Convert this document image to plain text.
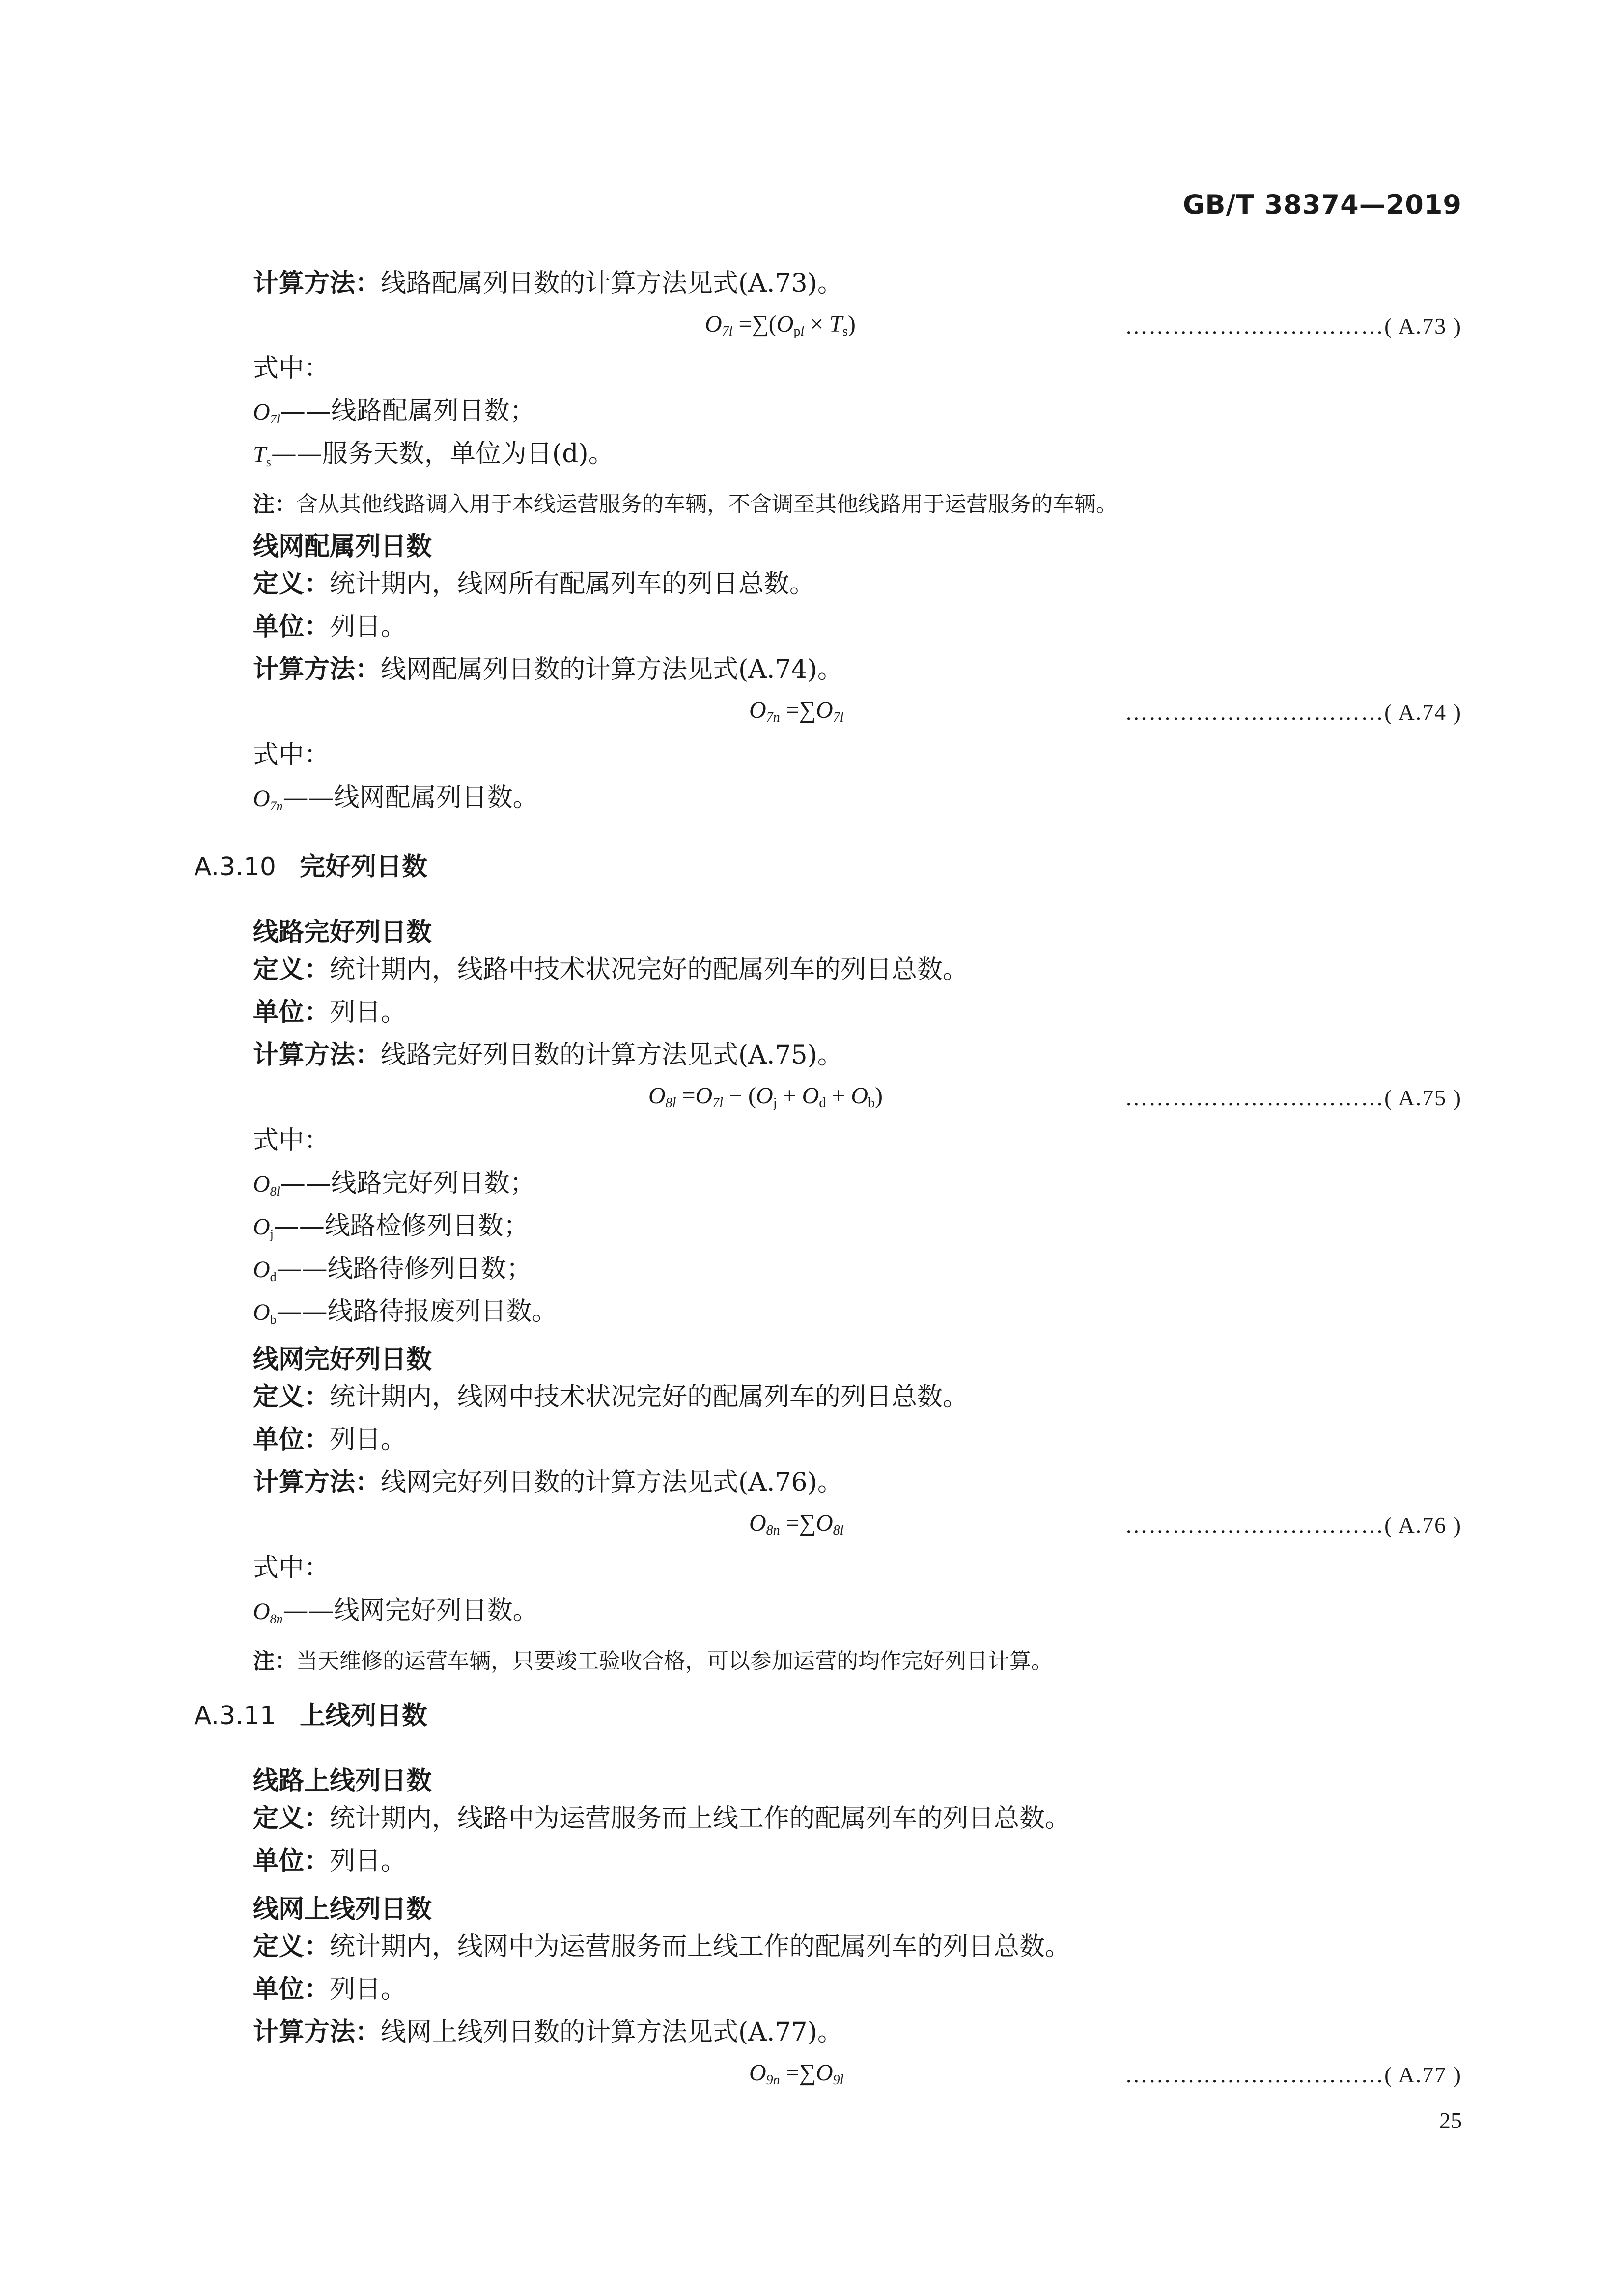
GB/T 38374—2019
计算方法：线路配属列日数的计算方法见式(A.73)。
$O_{7l} =\sum(O_{pl} \times T_s)$	……………………………( A.73 )
式中：
$O_{7l}——$线路配属列日数；
$T_s——$服务天数，单位为日(d)。
注：含从其他线路调入用于本线运营服务的车辆，不含调至其他线路用于运营服务的车辆。
线网配属列日数
定义：统计期内，线网所有配属列车的列日总数。
单位：列日。
计算方法：线网配属列日数的计算方法见式(A.74)。
$O_{7n} =\sum O_{7l}$	……………………………( A.74 )
式中：
$O_{7n}——$线网配属列日数。
A.3.10 完好列日数
线路完好列日数
定义：统计期内，线路中技术状况完好的配属列车的列日总数。
单位：列日。
计算方法：线路完好列日数的计算方法见式(A.75)。
$O_{8l} =O_{7l} - (O_j + O_d + O_b)$	……………………………( A.75 )
式中：
$O_{8l}——$线路完好列日数；
$O_j——$线路检修列日数；
$O_d——$线路待修列日数；
$O_b——$线路待报废列日数。
线网完好列日数
定义：统计期内，线网中技术状况完好的配属列车的列日总数。
单位：列日。
计算方法：线网完好列日数的计算方法见式(A.76)。
$O_{8n} =\sum O_{8l}$	……………………………( A.76 )
式中：
$O_{8n}——$线网完好列日数。
注：当天维修的运营车辆，只要竣工验收合格，可以参加运营的均作完好列日计算。
A.3.11 上线列日数
线路上线列日数
定义：统计期内，线路中为运营服务而上线工作的配属列车的列日总数。
单位：列日。
线网上线列日数
定义：统计期内，线网中为运营服务而上线工作的配属列车的列日总数。
单位：列日。
计算方法：线网上线列日数的计算方法见式(A.77)。
$O_{9n} =\sum O_{9l}$	……………………………( A.77 )
25
